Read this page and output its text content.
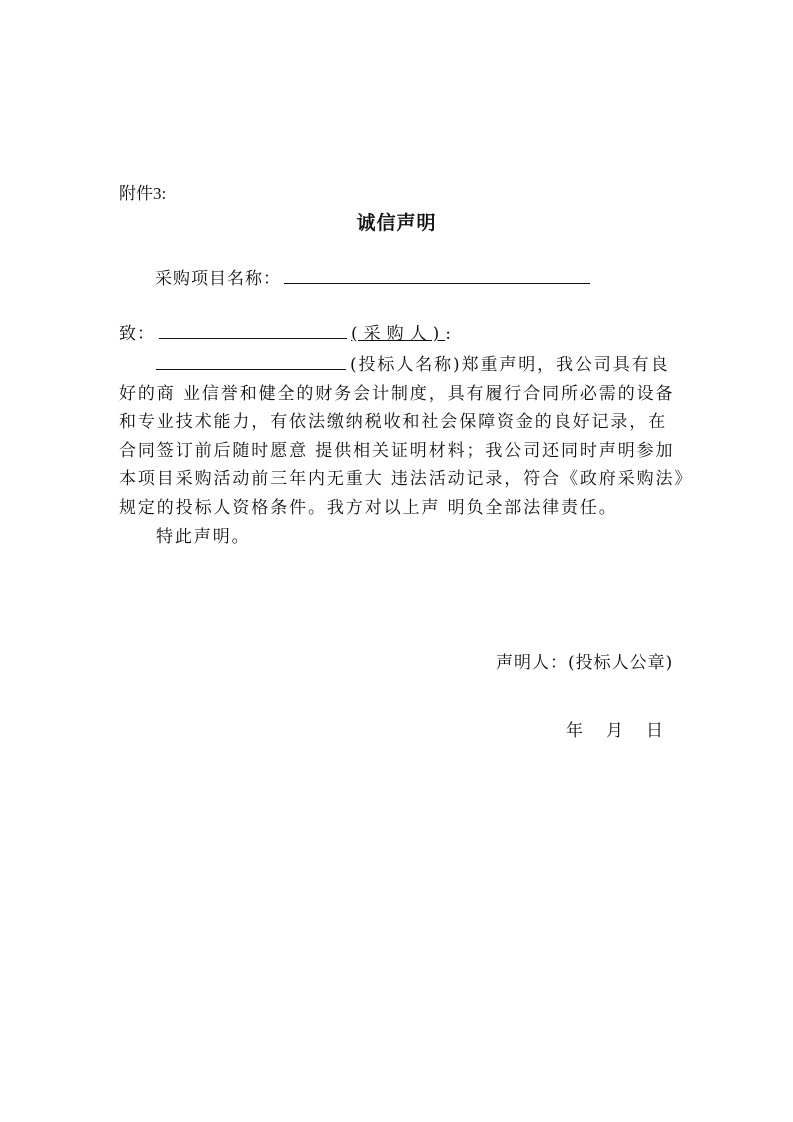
附件3:
诚信声明
采购项目名称：
致：	(采购人):

(投标人名称)郑重声明，我公司具有良

好的商 业信誉和健全的财务会计制度，具有履行合同所必需的设备

和专业技术能力，有依法缴纳税收和社会保障资金的良好记录，在

合同签订前后随时愿意 提供相关证明材料；我公司还同时声明参加

本项目采购活动前三年内无重大 违法活动记录，符合《政府采购法》

规定的投标人资格条件。我方对以上声 明负全部法律责任。

特此声明。

声明人：(投标人公章)
年 月 日
